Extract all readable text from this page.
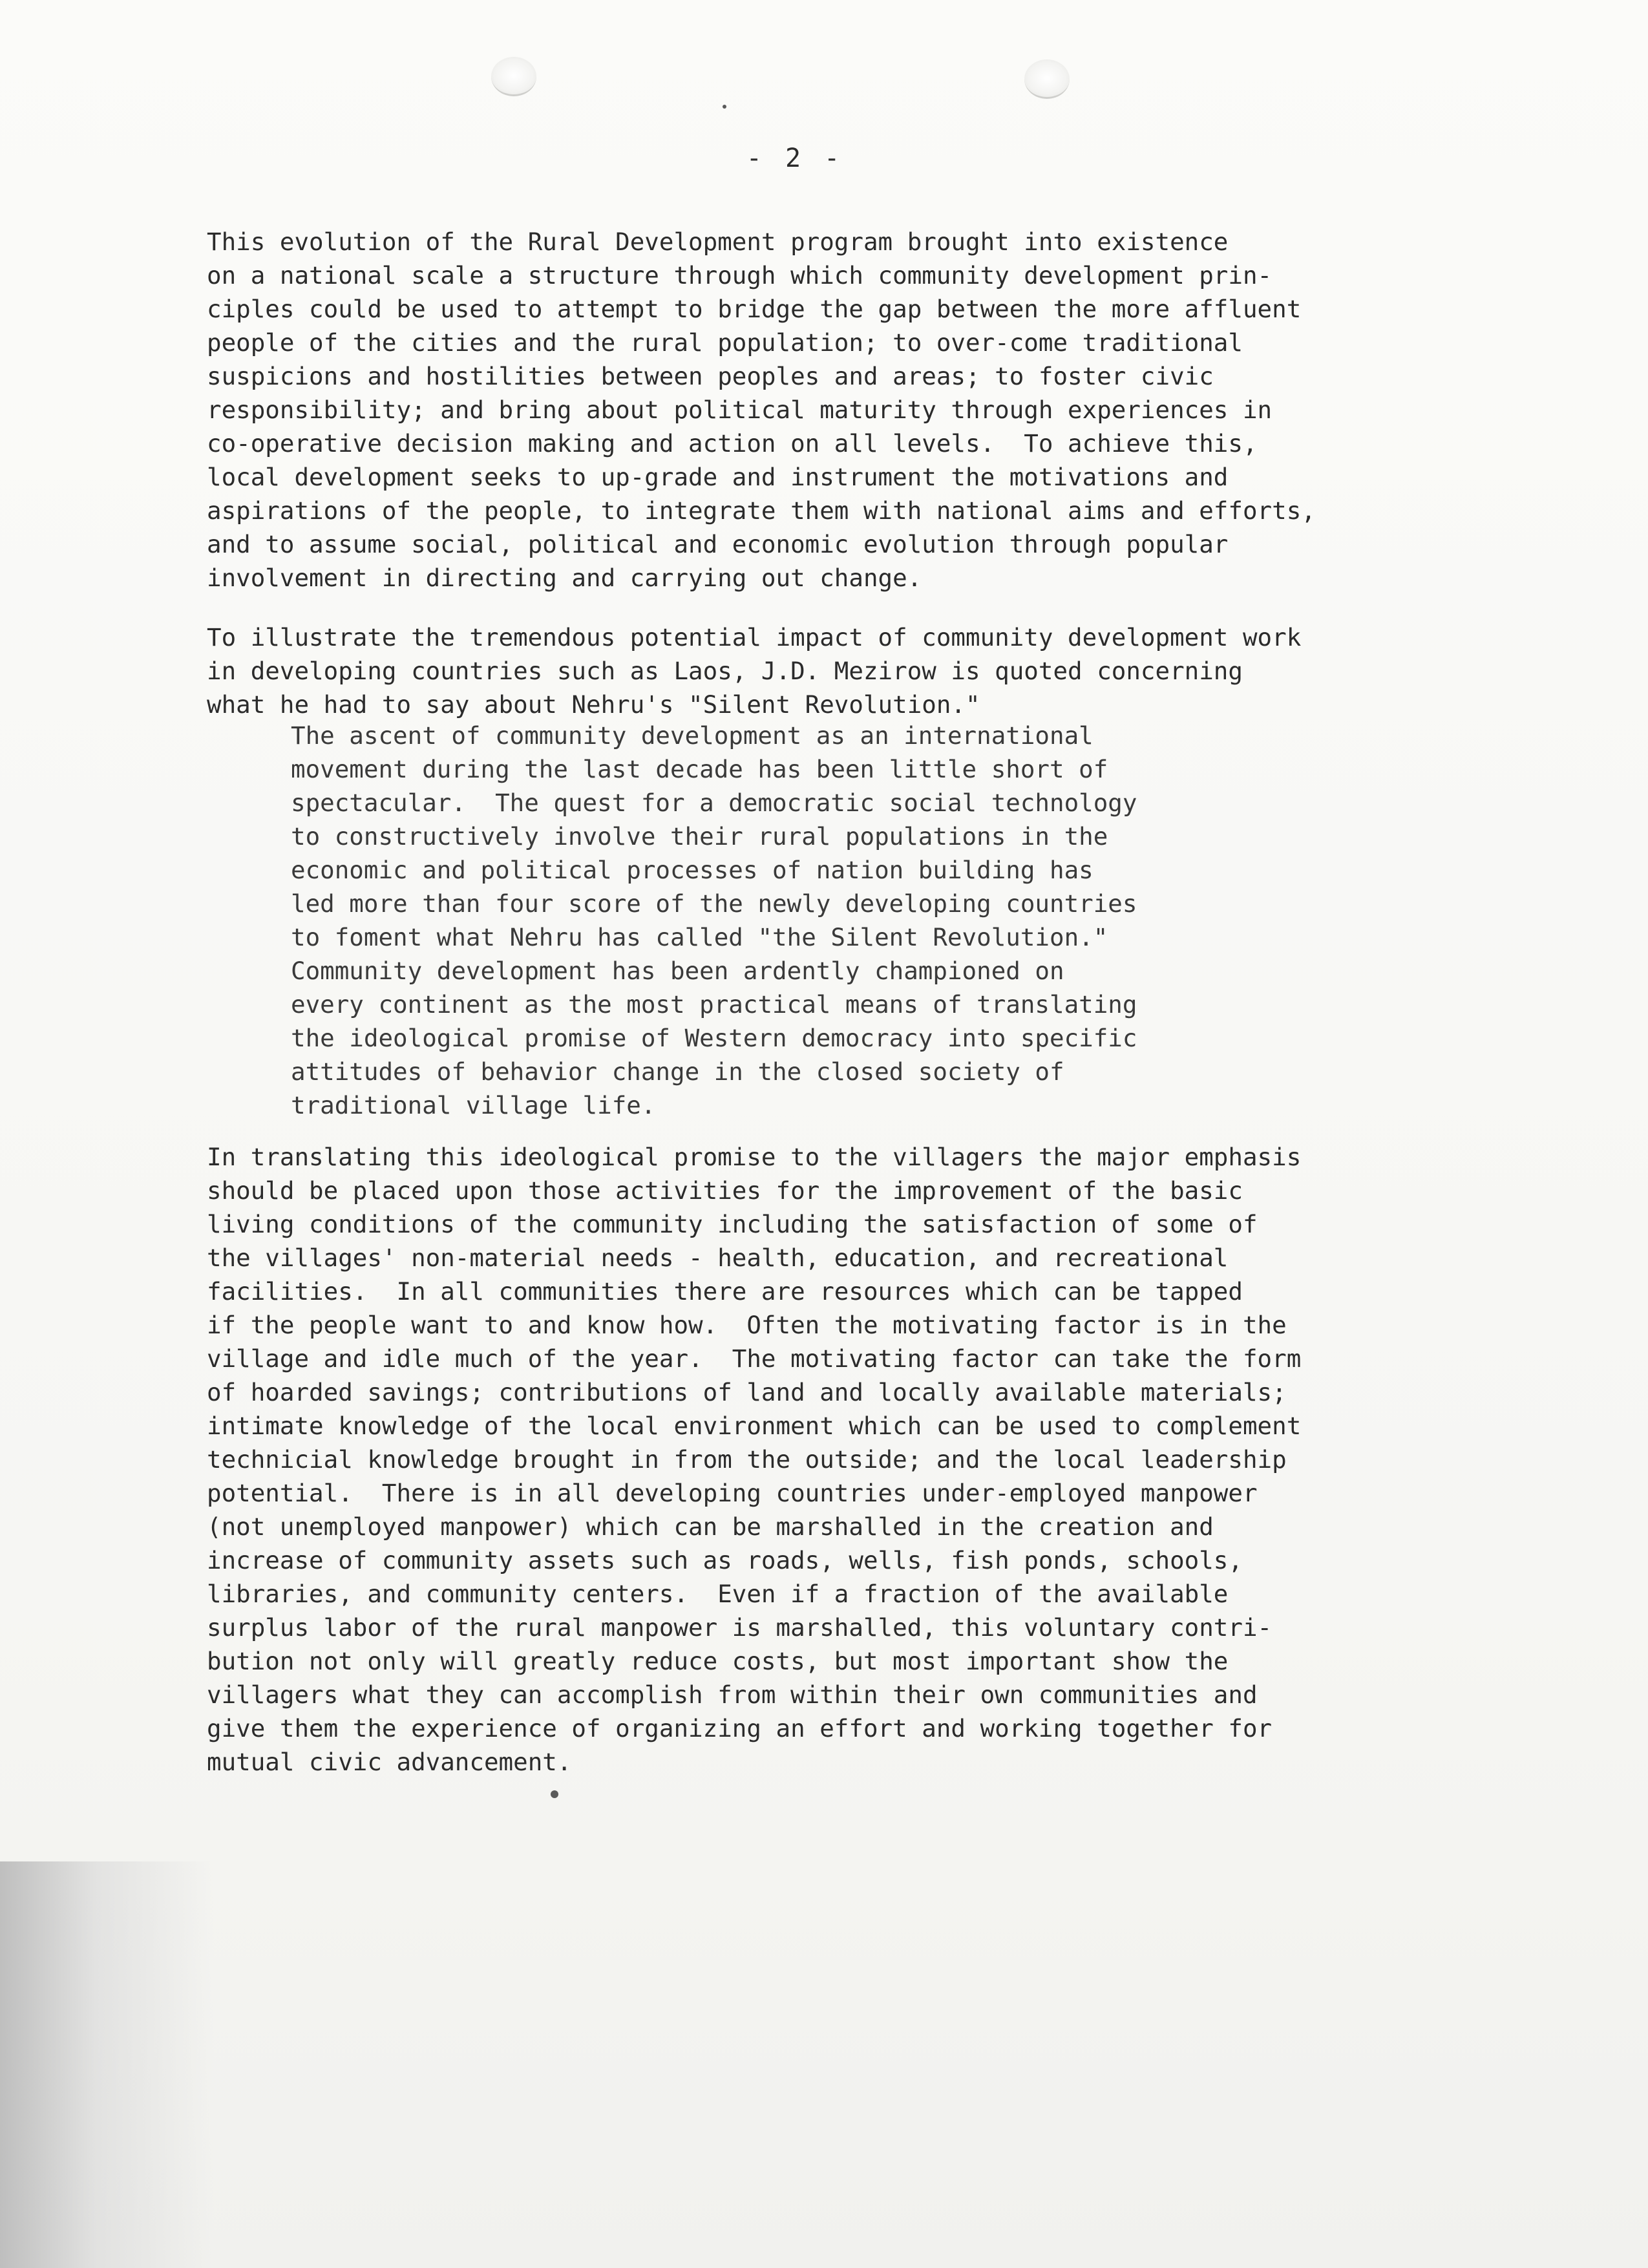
- 2 -

This evolution of the Rural Development program brought into existence
on a national scale a structure through which community development prin-
ciples could be used to attempt to bridge the gap between the more affluent
people of the cities and the rural population; to over-come traditional
suspicions and hostilities between peoples and areas; to foster civic
responsibility; and bring about political maturity through experiences in
co-operative decision making and action on all levels.  To achieve this,
local development seeks to up-grade and instrument the motivations and
aspirations of the people, to integrate them with national aims and efforts,
and to assume social, political and economic evolution through popular
involvement in directing and carrying out change.

To illustrate the tremendous potential impact of community development work
in developing countries such as Laos, J.D. Mezirow is quoted concerning
what he had to say about Nehru's "Silent Revolution."

The ascent of community development as an international
movement during the last decade has been little short of
spectacular.  The quest for a democratic social technology
to constructively involve their rural populations in the
economic and political processes of nation building has
led more than four score of the newly developing countries
to foment what Nehru has called "the Silent Revolution."
Community development has been ardently championed on
every continent as the most practical means of translating
the ideological promise of Western democracy into specific
attitudes of behavior change in the closed society of
traditional village life.

In translating this ideological promise to the villagers the major emphasis
should be placed upon those activities for the improvement of the basic
living conditions of the community including the satisfaction of some of
the villages' non-material needs - health, education, and recreational
facilities.  In all communities there are resources which can be tapped
if the people want to and know how.  Often the motivating factor is in the
village and idle much of the year.  The motivating factor can take the form
of hoarded savings; contributions of land and locally available materials;
intimate knowledge of the local environment which can be used to complement
technicial knowledge brought in from the outside; and the local leadership
potential.  There is in all developing countries under-employed manpower
(not unemployed manpower) which can be marshalled in the creation and
increase of community assets such as roads, wells, fish ponds, schools,
libraries, and community centers.  Even if a fraction of the available
surplus labor of the rural manpower is marshalled, this voluntary contri-
bution not only will greatly reduce costs, but most important show the
villagers what they can accomplish from within their own communities and
give them the experience of organizing an effort and working together for
mutual civic advancement.
